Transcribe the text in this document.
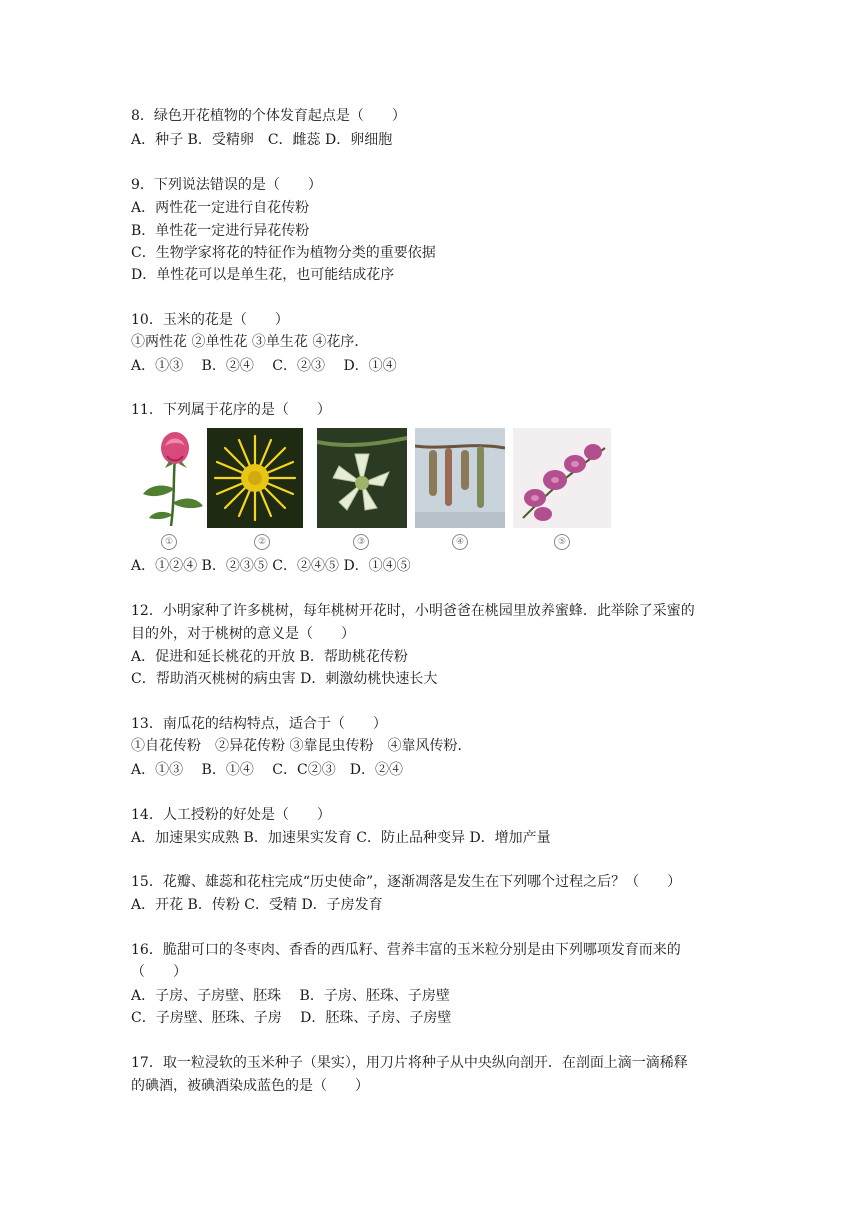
8．绿色开花植物的个体发育起点是（　　）
A．种子 B．受精卵　C．雌蕊 D．卵细胞
9．下列说法错误的是（　　）
A．两性花一定进行自花传粉
B．单性花一定进行异花传粉
C．生物学家将花的特征作为植物分类的重要依据
D．单性花可以是单生花，也可能结成花序
10．玉米的花是（　　）
①两性花 ②单性花 ③单生花 ④花序．
A．①③　 B．②④　 C．②③　 D．①④
11．下列属于花序的是（　　）
①	②	③	④	⑤
A．①②④ B．②③⑤ C．②④⑤ D．①④⑤
12．小明家种了许多桃树，每年桃树开花时，小明爸爸在桃园里放养蜜蜂．此举除了采蜜的
目的外，对于桃树的意义是（　　）
A．促进和延长桃花的开放 B．帮助桃花传粉
C．帮助消灭桃树的病虫害 D．刺激幼桃快速长大
13．南瓜花的结构特点，适合于（　　）
①自花传粉　②异花传粉 ③靠昆虫传粉　④靠风传粉．
A．①③　 B．①④　 C．C②③　D．②④
14．人工授粉的好处是（　　）
A．加速果实成熟 B．加速果实发育 C．防止品种变异 D．增加产量
15．花瓣、雄蕊和花柱完成“历史使命”，逐渐凋落是发生在下列哪个过程之后？（　　）
A．开花 B．传粉 C．受精 D．子房发育
16．脆甜可口的冬枣肉、香香的西瓜籽、营养丰富的玉米粒分别是由下列哪项发育而来的
（　　）
A．子房、子房壁、胚珠　 B．子房、胚珠、子房壁
C．子房壁、胚珠、子房　 D．胚珠、子房、子房壁
17．取一粒浸软的玉米种子（果实），用刀片将种子从中央纵向剖开．在剖面上滴一滴稀释
的碘酒，被碘酒染成蓝色的是（　　）
